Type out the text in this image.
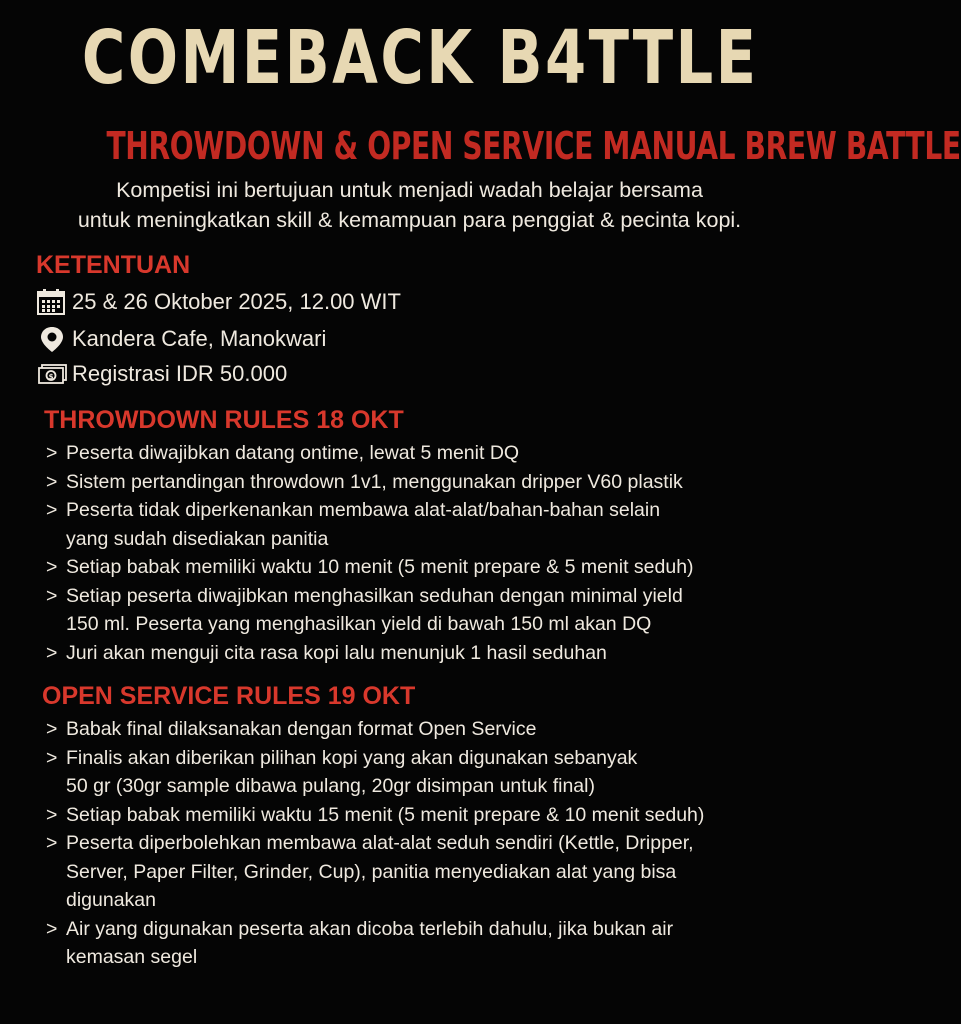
COMEBACK B4TTLE
THROWDOWN & OPEN SERVICE MANUAL BREW BATTLE
Kompetisi ini bertujuan untuk menjadi wadah belajar bersama
untuk meningkatkan skill & kemampuan para penggiat & pecinta kopi.
KETENTUAN
25 & 26 Oktober 2025, 12.00 WIT
Kandera Cafe, Manokwari
$ Registrasi IDR 50.000
THROWDOWN RULES 18 OKT
> Peserta diwajibkan datang ontime, lewat 5 menit DQ
> Sistem pertandingan throwdown 1v1, menggunakan dripper V60 plastik
> Peserta tidak diperkenankan membawa alat-alat/bahan-bahan selain
yang sudah disediakan panitia
> Setiap babak memiliki waktu 10 menit (5 menit prepare & 5 menit seduh)
> Setiap peserta diwajibkan menghasilkan seduhan dengan minimal yield
150 ml. Peserta yang menghasilkan yield di bawah 150 ml akan DQ
> Juri akan menguji cita rasa kopi lalu menunjuk 1 hasil seduhan
OPEN SERVICE RULES 19 OKT
> Babak final dilaksanakan dengan format Open Service
> Finalis akan diberikan pilihan kopi yang akan digunakan sebanyak
50 gr (30gr sample dibawa pulang, 20gr disimpan untuk final)
> Setiap babak memiliki waktu 15 menit (5 menit prepare & 10 menit seduh)
> Peserta diperbolehkan membawa alat-alat seduh sendiri (Kettle, Dripper,
Server, Paper Filter, Grinder, Cup), panitia menyediakan alat yang bisa
digunakan
> Air yang digunakan peserta akan dicoba terlebih dahulu, jika bukan air
kemasan segel
